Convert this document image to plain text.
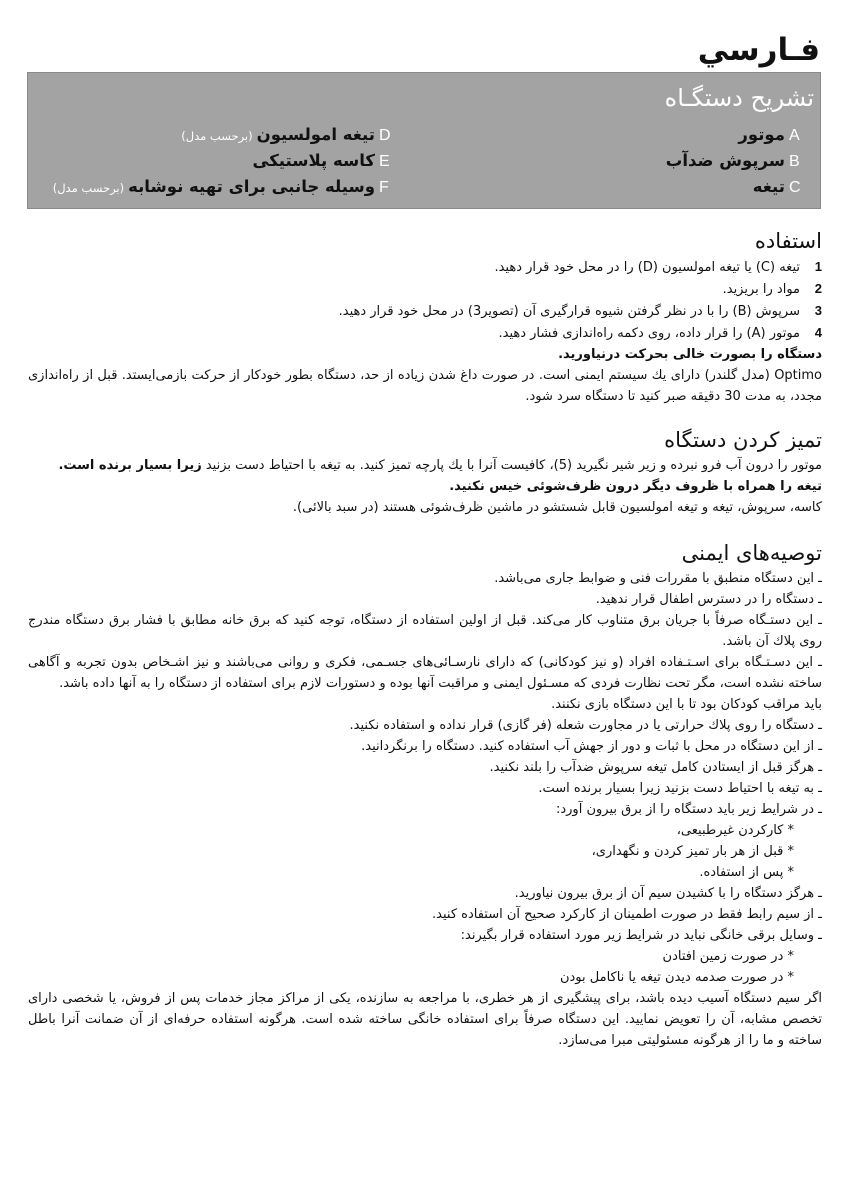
فـارسي
تشریح دستگـاه
Aموتور
Bسرپوش ضدآب
Cتیغه
Dتیغه امولسیون(برحسب مدل)
Eکاسه پلاستیکی
Fوسیله جانبی برای تهیه نوشابه(برحسب مدل)
استفاده
1تیغه (C) یا تیغه امولسیون (D) را در محل خود قرار دهید.
2مواد را بریزید.
3سرپوش (B) را با در نظر گرفتن شیوه قرارگیری آن (تصویر3) در محل خود قرار دهید.
4موتور (A) را قرار داده، روی دکمه راه‌اندازی فشار دهید.

دستگاه را بصورت خالی بحرکت درنیاورید.

Optimo (مدل گلندر) دارای یك سیستم ایمنی است. در صورت داغ شدن زیاده از حد، دستگاه بطور خودكار از حركت بازمی‌ایستد. قبل از راه‌اندازی مجدد، به مدت 30 دقیقه صبر كنید تا دستگاه سرد شود.

تمیز کردن دستگاه

موتور را درون آب فرو نبرده و زیر شیر نگیرید (5)، كافیست آنرا با یك پارچه تمیز كنید. به تیغه با احتیاط دست بزنید زیرا بسیار برنده است.

تیغه را همراه با ظروف دیگر درون ظرف‌شوئی خیس نكنید.

كاسه، سرپوش، تیغه و تیغه امولسیون قابل شستشو در ماشین ظرف‌شوئی هستند (در سبد بالائی).

توصیه‌های ایمنی
ـ این دستگاه منطبق با مقررات فنی و ضوابط جاری می‌باشد.
ـ دستگاه را در دسترس اطفال قرار ندهید.
ـ این دستـگاه صرفاً با جریان برق متناوب كار می‌كند. قبل از اولین استفاده از دستگاه، توجه كنید كه برق خانه مطابق با فشار برق دستگاه مندرج روی پلاك آن باشد.
ـ این دسـتـگاه برای اسـتـفاده افراد (و نیز کودکانی) که دارای نارسـائی‌های جسـمی، فکری و روانی می‌باشند و نیز اشـخاص بدون تجربه و آگاهی ساخته نشده است، مگر تحت نظارت فردی که مسـئول ایمنی و مراقبت آنها بوده و دستورات لازم برای استفاده از دستگاه را به آنها داده باشد.
باید مراقب کودکان بود تا با این دستگاه بازی نکنند.
ـ دستگاه را روی پلاك حرارتی یا در مجاورت شعله (فر گازی) قرار نداده و استفاده نكنید.
ـ از این دستگاه در محل با ثبات و دور از جهش آب استفاده كنید. دستگاه را برنگردانید.
ـ هرگز قبل از ایستادن كامل تیغه سرپوش ضدآب را بلند نكنید.
ـ به تیغه با احتیاط دست بزنید زیرا بسیار برنده است.
ـ در شرایط زیر باید دستگاه را از برق بیرون آورد:
* كاركردن غیرطبیعی،
* قبل از هر بار تمیز كردن و نگهداری،
* پس از استفاده.
ـ هرگز دستگاه را با كشیدن سیم آن از برق بیرون نیاورید.
ـ از سیم رابط فقط در صورت اطمینان از كاركرد صحیح آن استفاده كنید.
ـ وسایل برقی خانگی نباید در شرایط زیر مورد استفاده قرار بگیرند:
* در صورت زمین افتادن
* در صورت صدمه دیدن تیغه یا ناكامل بودن

اگر سیم دستگاه آسیب دیده باشد، برای پیشگیری از هر خطری، با مراجعه به سازنده، یكی از مراكز مجاز خدمات پس از فروش، یا شخصی دارای تخصص مشابه، آن را تعویض نمایید. این دستگاه صرفاً برای استفاده خانگی ساخته شده است. هرگونه استفاده حرفه‌ای از آن ضمانت آنرا باطل ساخته و ما را از هرگونه مسئولیتی مبرا می‌سازد.
